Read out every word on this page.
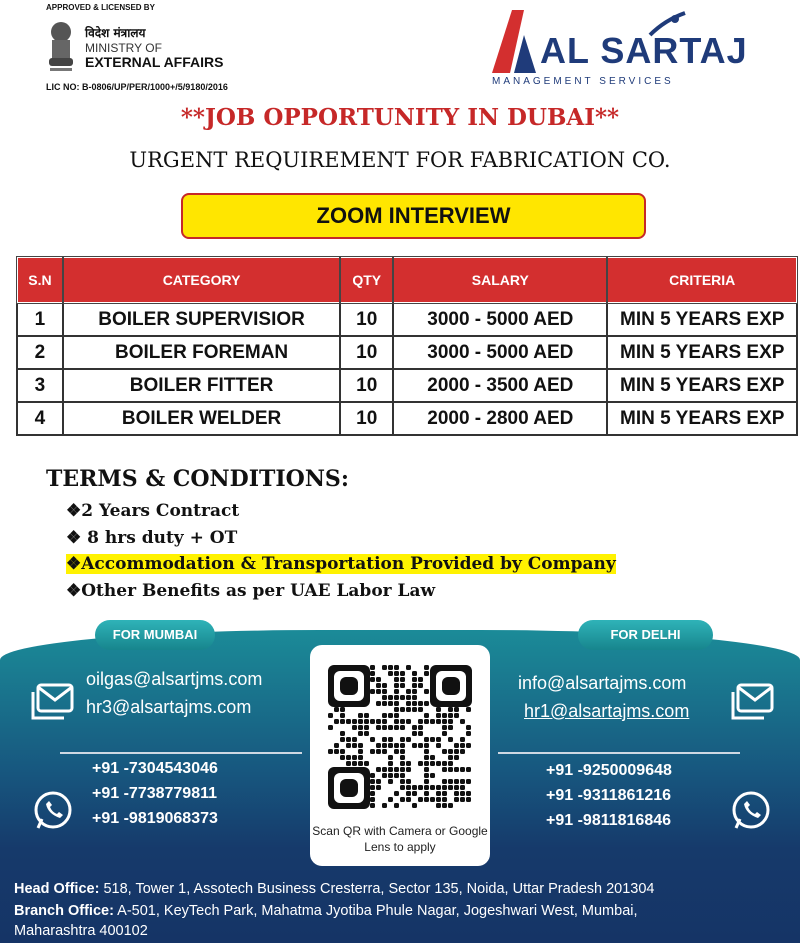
APPROVED & LICENSED BY
विदेश मंत्रालय
MINISTRY OF
EXTERNAL AFFAIRS
LIC NO: B-0806/UP/PER/1000+/5/9180/2016
AL SARTAJ
MANAGEMENT SERVICES
**JOB OPPORTUNITY IN DUBAI**
URGENT REQUIREMENT FOR FABRICATION CO.
ZOOM INTERVIEW
S.N	CATEGORY	QTY	SALARY	CRITERIA
1	BOILER SUPERVISIOR	10	3000 - 5000 AED	MIN 5 YEARS EXP
2	BOILER FOREMAN	10	3000 - 5000 AED	MIN 5 YEARS EXP
3	BOILER FITTER	10	2000 - 3500 AED	MIN 5 YEARS EXP
4	BOILER WELDER	10	2000 - 2800 AED	MIN 5 YEARS EXP
TERMS & CONDITIONS:
❖2 Years Contract
❖ 8 hrs duty + OT
❖Accommodation & Transportation Provided by Company
❖Other Benefits as per UAE Labor Law
FOR MUMBAI	FOR DELHI
oilgas@alsartjms.com
hr3@alsartajms.com
+91 -7304543046
+91 -7738779811
+91 -9819068373
Scan QR with Camera or Google Lens to apply
info@alsartajms.com
hr1@alsartajms.com
+91 -9250009648
+91 -9311861216
+91 -9811816846
Head Office: 518, Tower 1, Assotech Business Cresterra, Sector 135, Noida, Uttar Pradesh 201304
Branch Office: A-501, KeyTech Park, Mahatma Jyotiba Phule Nagar, Jogeshwari West, Mumbai,
Maharashtra 400102
